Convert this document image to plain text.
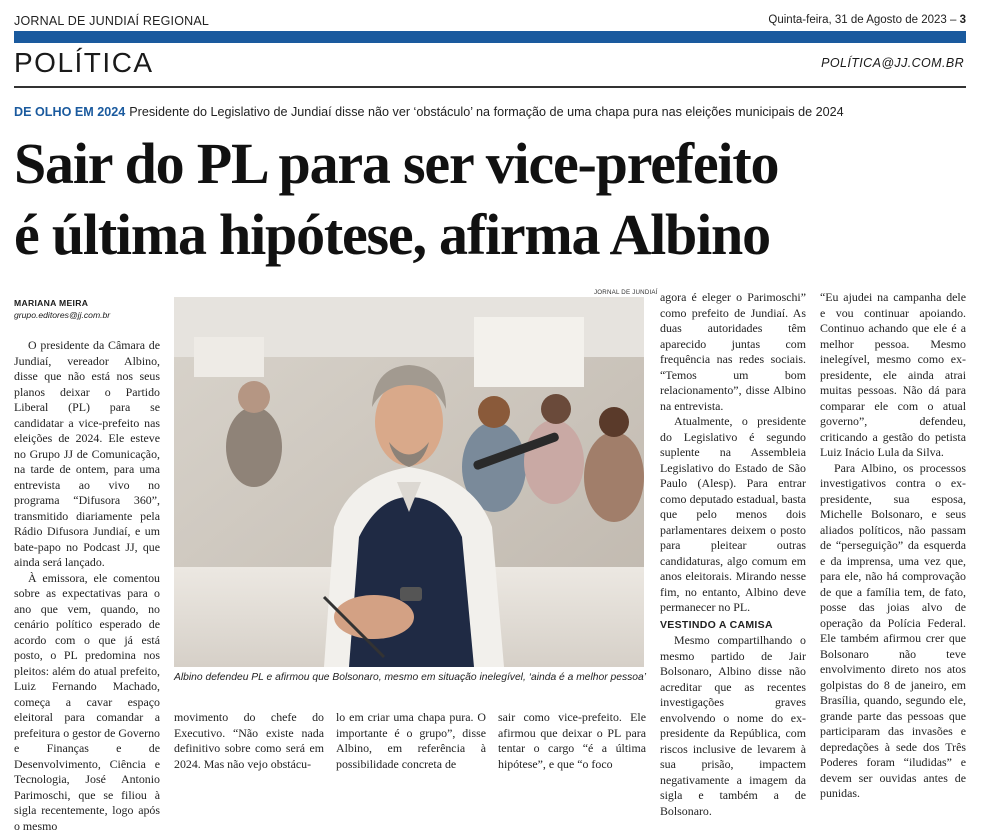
JORNAL DE JUNDIAÍ REGIONAL	Quinta-feira, 31 de Agosto de 2023 – 3
POLÍTICA	POLÍTICA@JJ.COM.BR
DE OLHO EM 2024 Presidente do Legislativo de Jundiaí disse não ver ‘obstáculo’ na formação de uma chapa pura nas eleições municipais de 2024
Sair do PL para ser vice-prefeito
é última hipótese, afirma Albino
MARIANA MEIRA
grupo.editores@jj.com.br

O presidente da Câmara de Jundiaí, vereador Albino, disse que não está nos seus planos deixar o Partido Liberal (PL) para se candidatar a vice-prefeito nas eleições de 2024. Ele esteve no Grupo JJ de Comunicação, na tarde de ontem, para uma entrevista ao vivo no programa “Difusora 360”, transmitido diariamente pela Rádio Difusora Jundiaí, e um bate-papo no Podcast JJ, que ainda será lançado.

À emissora, ele comentou sobre as expectativas para o ano que vem, quando, no cenário político esperado de acordo com o que já está posto, o PL predomina nos pleitos: além do atual prefeito, Luiz Fernando Machado, começa a cavar espaço eleitoral para comandar a prefeitura o gestor de Governo e Finanças e de Desenvolvimento, Ciência e Tecnologia, José Antonio Parimoschi, que se filiou à sigla recentemente, logo após o mesmo

JORNAL DE JUNDIAÍ
Albino defendeu PL e afirmou que Bolsonaro, mesmo em situação inelegível, ‘ainda é a melhor pessoa’

movimento do chefe do Executivo. “Não existe nada definitivo sobre como será em 2024. Mas não vejo obstácu-

lo em criar uma chapa pura. O importante é o grupo”, disse Albino, em referência à possibilidade concreta de

sair como vice-prefeito. Ele afirmou que deixar o PL para tentar o cargo “é a última hipótese”, e que “o foco

agora é eleger o Parimoschi” como prefeito de Jundiaí. As duas autoridades têm aparecido juntas com frequência nas redes sociais. “Temos um bom relacionamento”, disse Albino na entrevista.

Atualmente, o presidente do Legislativo é segundo suplente na Assembleia Legislativo do Estado de São Paulo (Alesp). Para entrar como deputado estadual, basta que pelo menos dois parlamentares deixem o posto para pleitear outras candidaturas, algo comum em anos eleitorais. Mirando nesse fim, no entanto, Albino deve permanecer no PL.

VESTINDO A CAMISA

Mesmo compartilhando o mesmo partido de Jair Bolsonaro, Albino disse não acreditar que as recentes investigações graves envolvendo o nome do ex-presidente da República, com riscos inclusive de levarem à sua prisão, impactem negativamente a imagem da sigla e também a de Bolsonaro.

“Eu ajudei na campanha dele e vou continuar apoiando. Continuo achando que ele é a melhor pessoa. Mesmo inelegível, mesmo como ex-presidente, ele ainda atrai muitas pessoas. Não dá para comparar ele com o atual governo”, defendeu, criticando a gestão do petista Luiz Inácio Lula da Silva.

Para Albino, os processos investigativos contra o ex-presidente, sua esposa, Michelle Bolsonaro, e seus aliados políticos, não passam de “perseguição” da esquerda e da imprensa, uma vez que, para ele, não há comprovação de que a família tem, de fato, posse das joias alvo de operação da Polícia Federal. Ele também afirmou crer que Bolsonaro não teve envolvimento direto nos atos golpistas do 8 de janeiro, em Brasília, quando, segundo ele, grande parte das pessoas que participaram das invasões e depredações à sede dos Três Poderes foram “iludidas” e devem ser ouvidas antes de punidas.
